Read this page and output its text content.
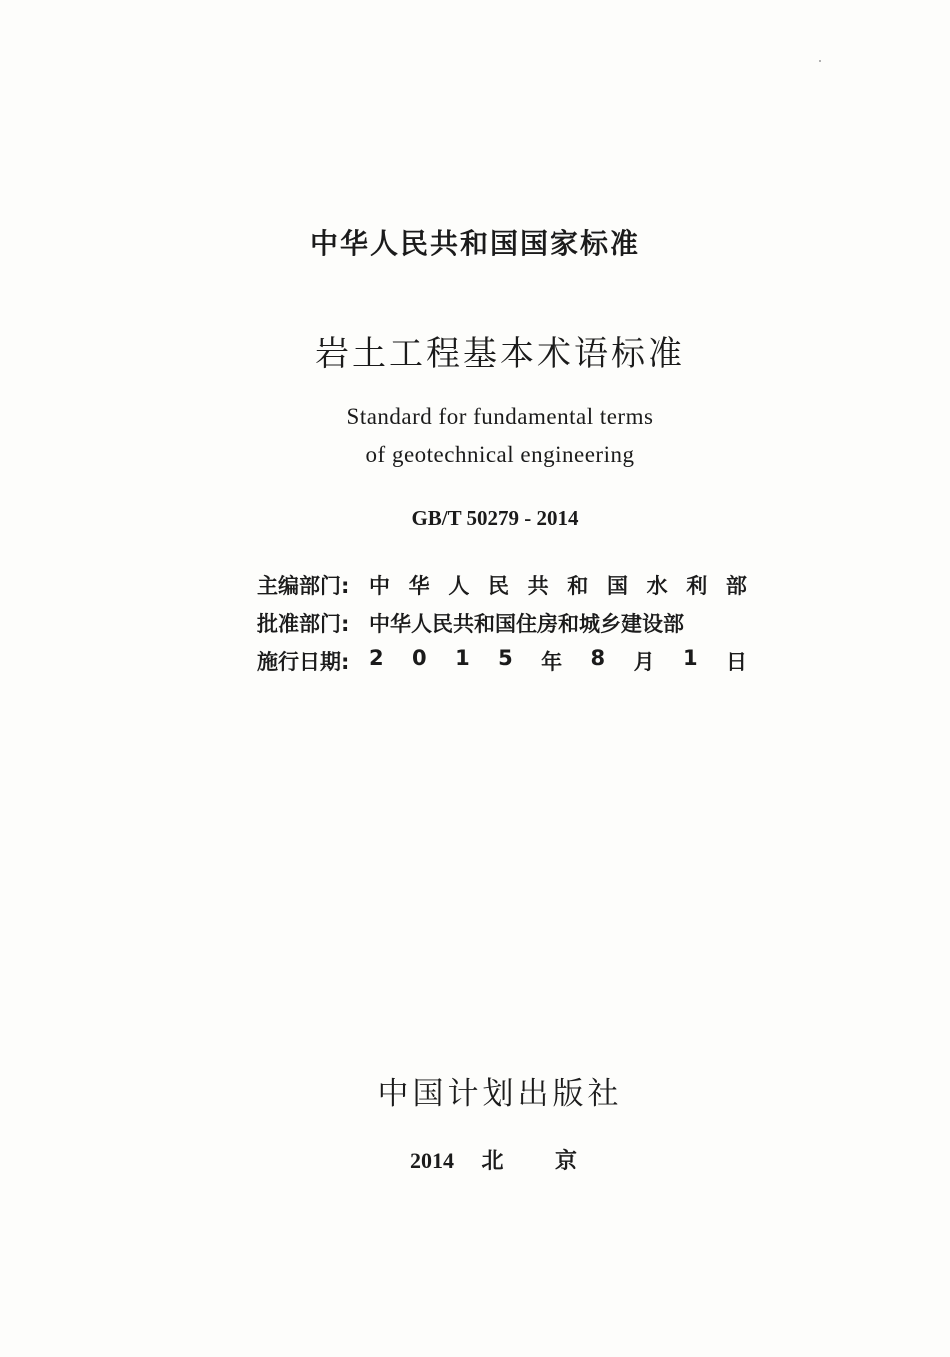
中华人民共和国国家标准
岩土工程基本术语标准
Standard for fundamental terms
of geotechnical engineering
GB/T 50279 - 2014
主编部门: 中 华 人 民 共 和 国 水 利 部
批准部门: 中华人民共和国住房和城乡建设部
施行日期: 2 0 1 5 年 8 月 1 日
中国计划出版社
2014 北 京
